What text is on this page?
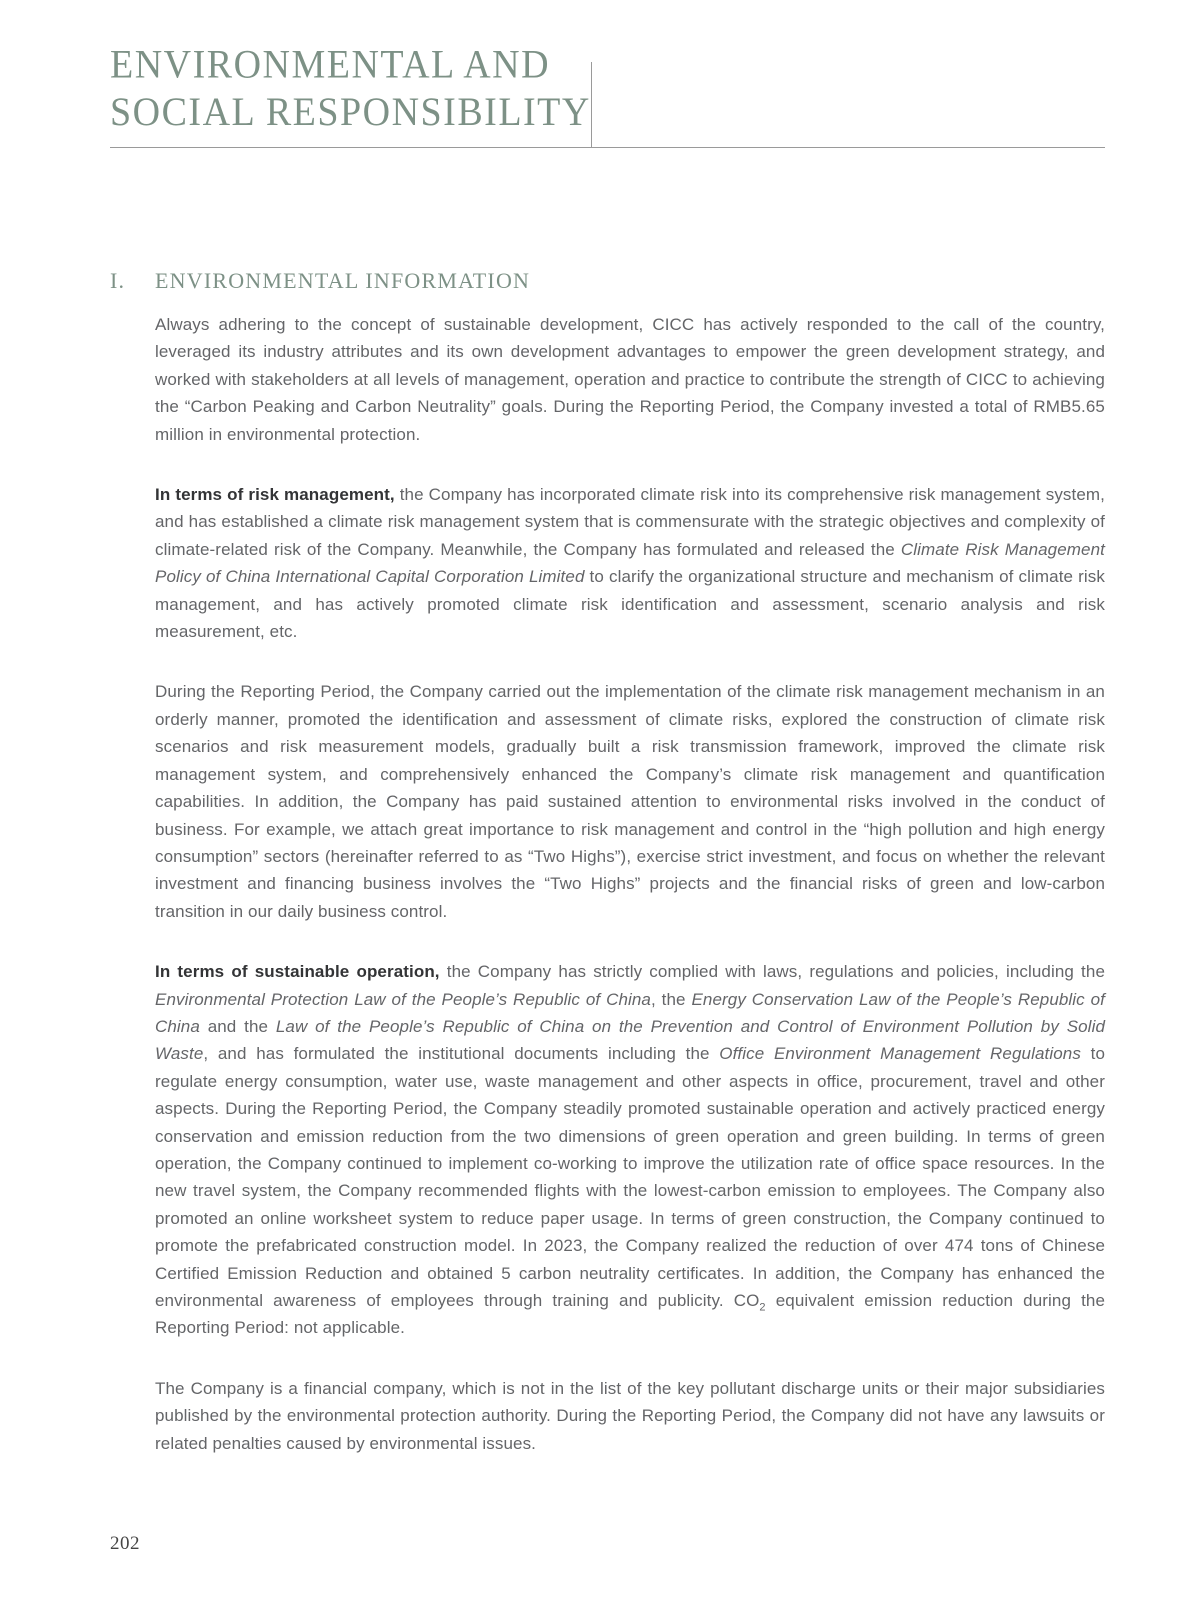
ENVIRONMENTAL AND
SOCIAL RESPONSIBILITY
I.	ENVIRONMENTAL INFORMATION

Always adhering to the concept of sustainable development, CICC has actively responded to the call of the country, leveraged its industry attributes and its own development advantages to empower the green development strategy, and worked with stakeholders at all levels of management, operation and practice to contribute the strength of CICC to achieving the “Carbon Peaking and Carbon Neutrality” goals. During the Reporting Period, the Company invested a total of RMB5.65 million in environmental protection.

In terms of risk management, the Company has incorporated climate risk into its comprehensive risk management system, and has established a climate risk management system that is commensurate with the strategic objectives and complexity of climate-related risk of the Company. Meanwhile, the Company has formulated and released the Climate Risk Management Policy of China International Capital Corporation Limited to clarify the organizational structure and mechanism of climate risk management, and has actively promoted climate risk identification and assessment, scenario analysis and risk measurement, etc.

During the Reporting Period, the Company carried out the implementation of the climate risk management mechanism in an orderly manner, promoted the identification and assessment of climate risks, explored the construction of climate risk scenarios and risk measurement models, gradually built a risk transmission framework, improved the climate risk management system, and comprehensively enhanced the Company’s climate risk management and quantification capabilities. In addition, the Company has paid sustained attention to environmental risks involved in the conduct of business. For example, we attach great importance to risk management and control in the “high pollution and high energy consumption” sectors (hereinafter referred to as “Two Highs”), exercise strict investment, and focus on whether the relevant investment and financing business involves the “Two Highs” projects and the financial risks of green and low-carbon transition in our daily business control.

In terms of sustainable operation, the Company has strictly complied with laws, regulations and policies, including the Environmental Protection Law of the People’s Republic of China, the Energy Conservation Law of the People’s Republic of China and the Law of the People’s Republic of China on the Prevention and Control of Environment Pollution by Solid Waste, and has formulated the institutional documents including the Office Environment Management Regulations to regulate energy consumption, water use, waste management and other aspects in office, procurement, travel and other aspects. During the Reporting Period, the Company steadily promoted sustainable operation and actively practiced energy conservation and emission reduction from the two dimensions of green operation and green building. In terms of green operation, the Company continued to implement co-working to improve the utilization rate of office space resources. In the new travel system, the Company recommended flights with the lowest-carbon emission to employees. The Company also promoted an online worksheet system to reduce paper usage. In terms of green construction, the Company continued to promote the prefabricated construction model. In 2023, the Company realized the reduction of over 474 tons of Chinese Certified Emission Reduction and obtained 5 carbon neutrality certificates. In addition, the Company has enhanced the environmental awareness of employees through training and publicity. $CO_2$ equivalent emission reduction during the Reporting Period: not applicable.

The Company is a financial company, which is not in the list of the key pollutant discharge units or their major subsidiaries published by the environmental protection authority. During the Reporting Period, the Company did not have any lawsuits or related penalties caused by environmental issues.

202
